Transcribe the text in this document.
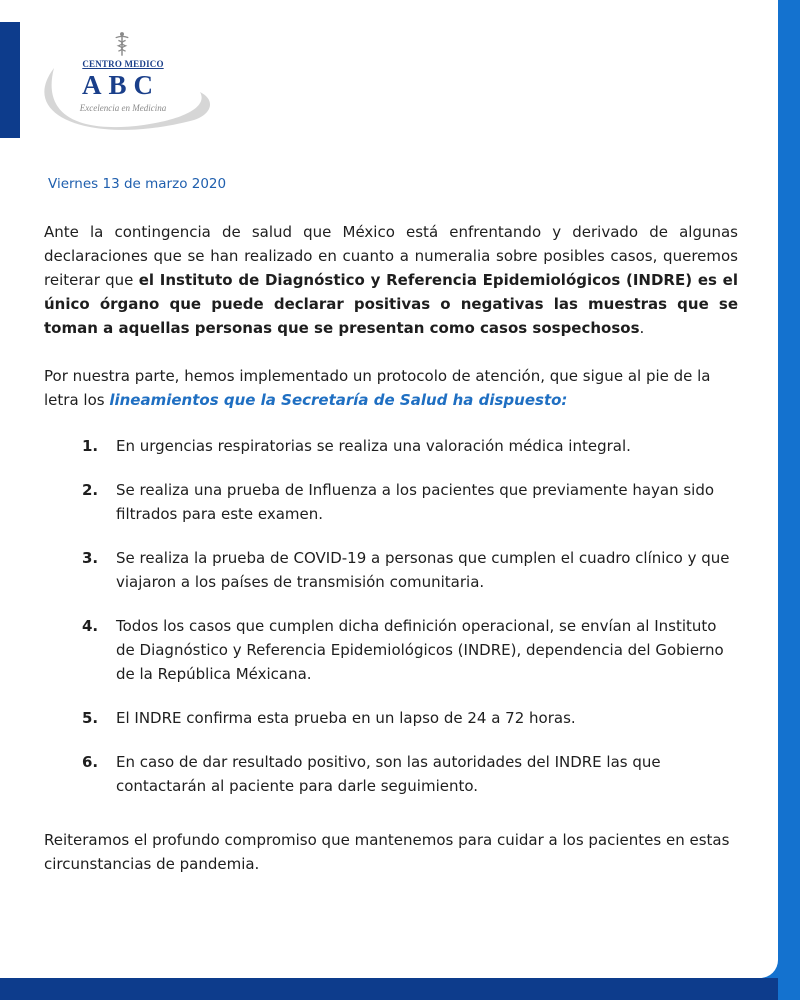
CENTRO MEDICO
ABC
Excelencia en Medicina
Viernes 13 de marzo 2020

Ante la contingencia de salud que México está enfrentando y derivado de algunas declaraciones que se han realizado en cuanto a numeralia sobre posibles casos, queremos reiterar que el Instituto de Diagnóstico y Referencia Epidemiológicos (INDRE) es el único órgano que puede declarar positivas o negativas las muestras que se toman a aquellas personas que se presentan como casos sospechosos.

Por nuestra parte, hemos implementado un protocolo de atención, que sigue al pie de la letra los lineamientos que la Secretaría de Salud ha dispuesto:

1.	En urgencias respiratorias se realiza una valoración médica integral.
2.	Se realiza una prueba de Influenza a los pacientes que previamente hayan sido filtrados para este examen.
3.	Se realiza la prueba de COVID-19 a personas que cumplen el cuadro clínico y que viajaron a los países de transmisión comunitaria.
4.	Todos los casos que cumplen dicha definición operacional, se envían al Instituto de Diagnóstico y Referencia Epidemiológicos (INDRE), dependencia del Gobierno de la República Méxicana.
5.	El INDRE confirma esta prueba en un lapso de 24 a 72 horas.
6.	En caso de dar resultado positivo, son las autoridades del INDRE las que contactarán al paciente para darle seguimiento.

Reiteramos el profundo compromiso que mantenemos para cuidar a los pacientes en estas circunstancias de pandemia.
